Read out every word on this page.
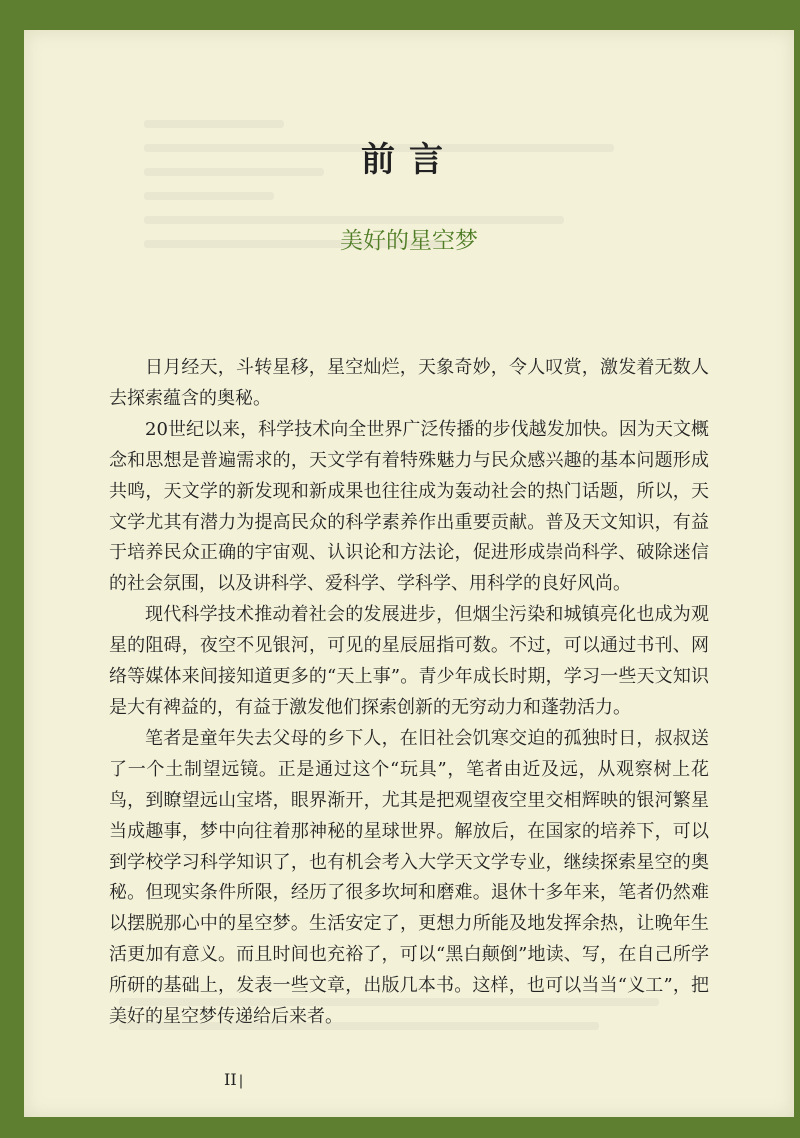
前言
美好的星空梦

日月经天，斗转星移，星空灿烂，天象奇妙，令人叹赏，激发着无数人去探索蕴含的奥秘。

20世纪以来，科学技术向全世界广泛传播的步伐越发加快。因为天文概念和思想是普遍需求的，天文学有着特殊魅力与民众感兴趣的基本问题形成共鸣，天文学的新发现和新成果也往往成为轰动社会的热门话题，所以，天文学尤其有潜力为提高民众的科学素养作出重要贡献。普及天文知识，有益于培养民众正确的宇宙观、认识论和方法论，促进形成崇尚科学、破除迷信的社会氛围，以及讲科学、爱科学、学科学、用科学的良好风尚。

现代科学技术推动着社会的发展进步，但烟尘污染和城镇亮化也成为观星的阻碍，夜空不见银河，可见的星辰屈指可数。不过，可以通过书刊、网络等媒体来间接知道更多的“天上事”。青少年成长时期，学习一些天文知识是大有裨益的，有益于激发他们探索创新的无穷动力和蓬勃活力。

笔者是童年失去父母的乡下人，在旧社会饥寒交迫的孤独时日，叔叔送了一个土制望远镜。正是通过这个“玩具”，笔者由近及远，从观察树上花鸟，到瞭望远山宝塔，眼界渐开，尤其是把观望夜空里交相辉映的银河繁星当成趣事，梦中向往着那神秘的星球世界。解放后，在国家的培养下，可以到学校学习科学知识了，也有机会考入大学天文学专业，继续探索星空的奥秘。但现实条件所限，经历了很多坎坷和磨难。退休十多年来，笔者仍然难以摆脱那心中的星空梦。生活安定了，更想力所能及地发挥余热，让晚年生活更加有意义。而且时间也充裕了，可以“黑白颠倒”地读、写，在自己所学所研的基础上，发表一些文章，出版几本书。这样，也可以当当“义工”，把美好的星空梦传递给后来者。

II |
